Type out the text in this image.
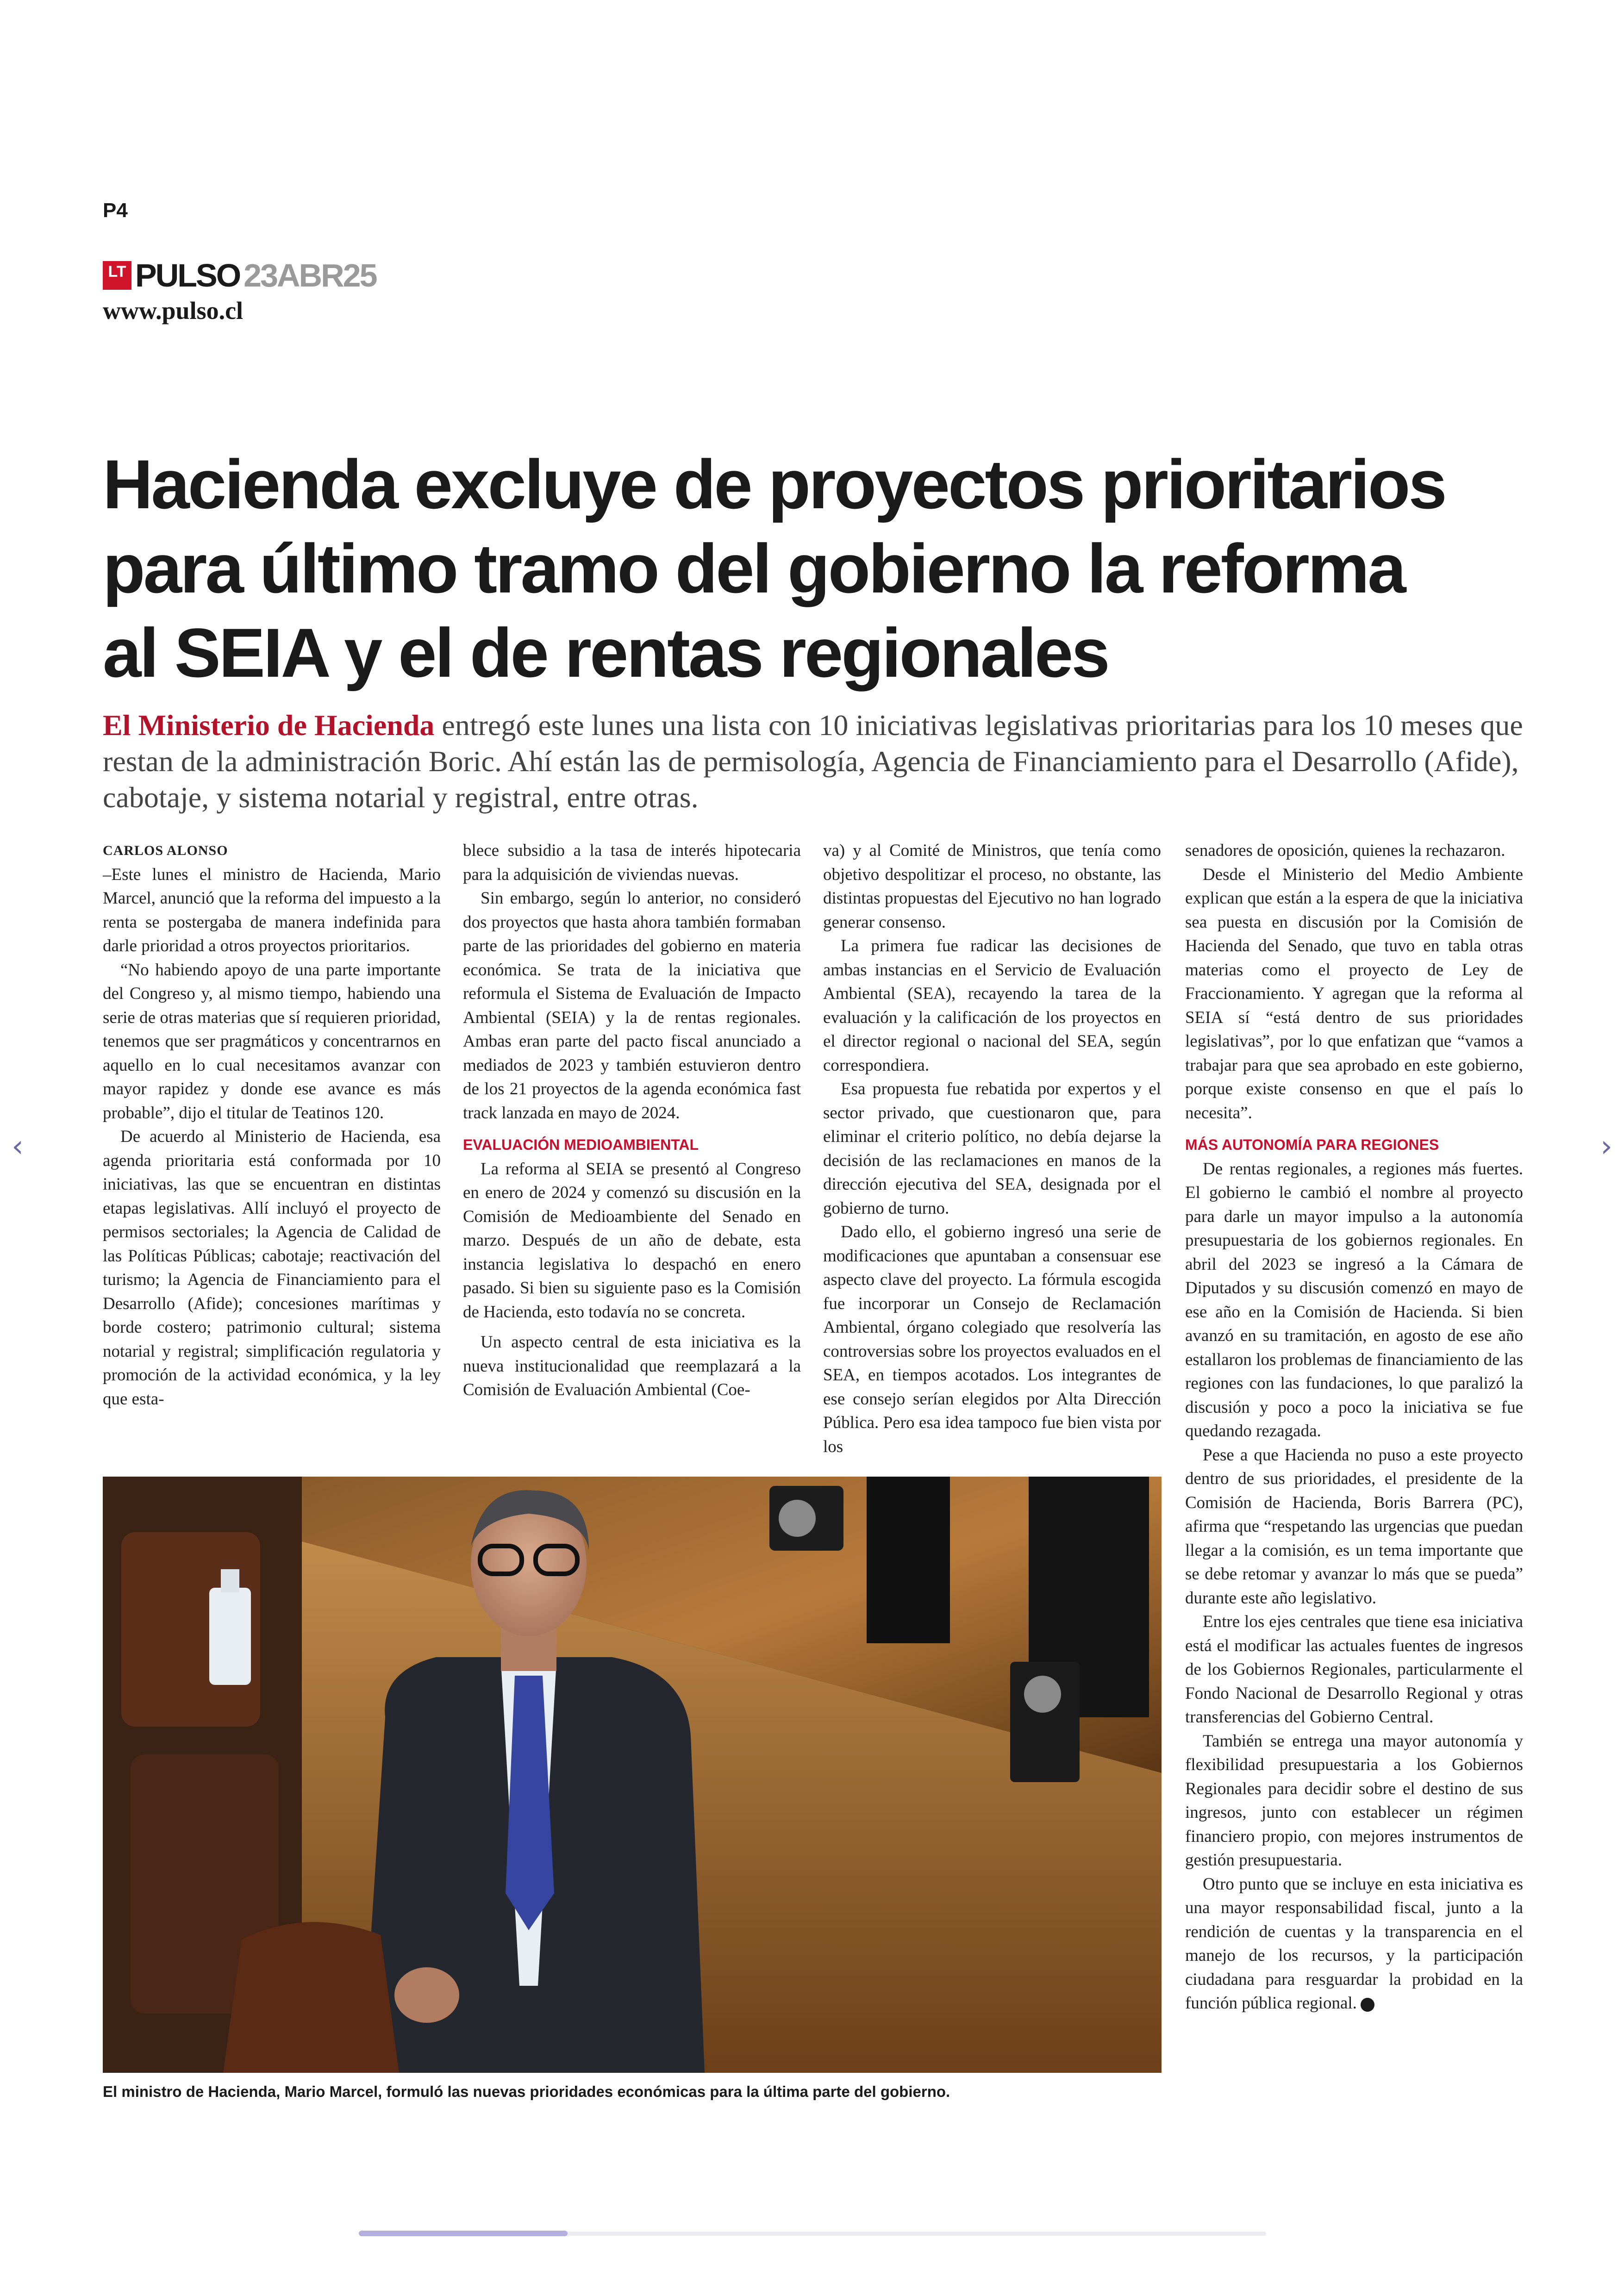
P4
LT PULSO 23ABR25
www.pulso.cl
Hacienda excluye de proyectos prioritarios
para último tramo del gobierno la reforma
al SEIA y el de rentas regionales

El Ministerio de Hacienda entregó este lunes una lista con 10 iniciativas legislativas prioritarias para los 10 meses que restan de la administración Boric. Ahí están las de permisología, Agencia de Financiamiento para el Desarrollo (Afide), cabotaje, y sistema notarial y registral, entre otras.

CARLOS ALONSO

–Este lunes el ministro de Hacienda, Mario Marcel, anunció que la reforma del impuesto a la renta se postergaba de manera indefinida para darle prioridad a otros proyectos prioritarios.

“No habiendo apoyo de una parte importante del Congreso y, al mismo tiempo, habiendo una serie de otras materias que sí requieren prioridad, tenemos que ser pragmáticos y concentrarnos en aquello en lo cual necesitamos avanzar con mayor rapidez y donde ese avance es más probable”, dijo el titular de Teatinos 120.

De acuerdo al Ministerio de Hacienda, esa agenda prioritaria está conformada por 10 iniciativas, las que se encuentran en distintas etapas legislativas. Allí incluyó el proyecto de permisos sectoriales; la Agencia de Calidad de las Políticas Públicas; cabotaje; reactivación del turismo; la Agencia de Financiamiento para el Desarrollo (Afide); concesiones marítimas y borde costero; patrimonio cultural; sistema notarial y registral; simplificación regulatoria y promoción de la actividad económica, y la ley que esta-

blece subsidio a la tasa de interés hipotecaria para la adquisición de viviendas nuevas.

Sin embargo, según lo anterior, no consideró dos proyectos que hasta ahora también formaban parte de las prioridades del gobierno en materia económica. Se trata de la iniciativa que reformula el Sistema de Evaluación de Impacto Ambiental (SEIA) y la de rentas regionales. Ambas eran parte del pacto fiscal anunciado a mediados de 2023 y también estuvieron dentro de los 21 proyectos de la agenda económica fast track lanzada en mayo de 2024.

EVALUACIÓN MEDIOAMBIENTAL

La reforma al SEIA se presentó al Congreso en enero de 2024 y comenzó su discusión en la Comisión de Medioambiente del Senado en marzo. Después de un año de debate, esta instancia legislativa lo despachó en enero pasado. Si bien su siguiente paso es la Comisión de Hacienda, esto todavía no se concreta.

Un aspecto central de esta iniciativa es la nueva institucionalidad que reemplazará a la Comisión de Evaluación Ambiental (Coe-

va) y al Comité de Ministros, que tenía como objetivo despolitizar el proceso, no obstante, las distintas propuestas del Ejecutivo no han logrado generar consenso.

La primera fue radicar las decisiones de ambas instancias en el Servicio de Evaluación Ambiental (SEA), recayendo la tarea de la evaluación y la calificación de los proyectos en el director regional o nacional del SEA, según correspondiera.

Esa propuesta fue rebatida por expertos y el sector privado, que cuestionaron que, para eliminar el criterio político, no debía dejarse la decisión de las reclamaciones en manos de la dirección ejecutiva del SEA, designada por el gobierno de turno.

Dado ello, el gobierno ingresó una serie de modificaciones que apuntaban a consensuar ese aspecto clave del proyecto. La fórmula escogida fue incorporar un Consejo de Reclamación Ambiental, órgano colegiado que resolvería las controversias sobre los proyectos evaluados en el SEA, en tiempos acotados. Los integrantes de ese consejo serían elegidos por Alta Dirección Pública. Pero esa idea tampoco fue bien vista por los

senadores de oposición, quienes la rechazaron.

Desde el Ministerio del Medio Ambiente explican que están a la espera de que la iniciativa sea puesta en discusión por la Comisión de Hacienda del Senado, que tuvo en tabla otras materias como el proyecto de Ley de Fraccionamiento. Y agregan que la reforma al SEIA sí “está dentro de sus prioridades legislativas”, por lo que enfatizan que “vamos a trabajar para que sea aprobado en este gobierno, porque existe consenso en que el país lo necesita”.

MÁS AUTONOMÍA PARA REGIONES

De rentas regionales, a regiones más fuertes. El gobierno le cambió el nombre al proyecto para darle un mayor impulso a la autonomía presupuestaria de los gobiernos regionales. En abril del 2023 se ingresó a la Cámara de Diputados y su discusión comenzó en mayo de ese año en la Comisión de Hacienda. Si bien avanzó en su tramitación, en agosto de ese año estallaron los problemas de financiamiento de las regiones con las fundaciones, lo que paralizó la discusión y poco a poco la iniciativa se fue quedando rezagada.

Pese a que Hacienda no puso a este proyecto dentro de sus prioridades, el presidente de la Comisión de Hacienda, Boris Barrera (PC), afirma que “respetando las urgencias que puedan llegar a la comisión, es un tema importante que se debe retomar y avanzar lo más que se pueda” durante este año legislativo.

Entre los ejes centrales que tiene esa iniciativa está el modificar las actuales fuentes de ingresos de los Gobiernos Regionales, particularmente el Fondo Nacional de Desarrollo Regional y otras transferencias del Gobierno Central.

También se entrega una mayor autonomía y flexibilidad presupuestaria a los Gobiernos Regionales para decidir sobre el destino de sus ingresos, junto con establecer un régimen financiero propio, con mejores instrumentos de gestión presupuestaria.

Otro punto que se incluye en esta iniciativa es una mayor responsabilidad fiscal, junto a la rendición de cuentas y la transparencia en el manejo de los recursos, y la participación ciudadana para resguardar la probidad en la función pública regional.

El ministro de Hacienda, Mario Marcel, formuló las nuevas prioridades económicas para la última parte del gobierno.
‹	›
